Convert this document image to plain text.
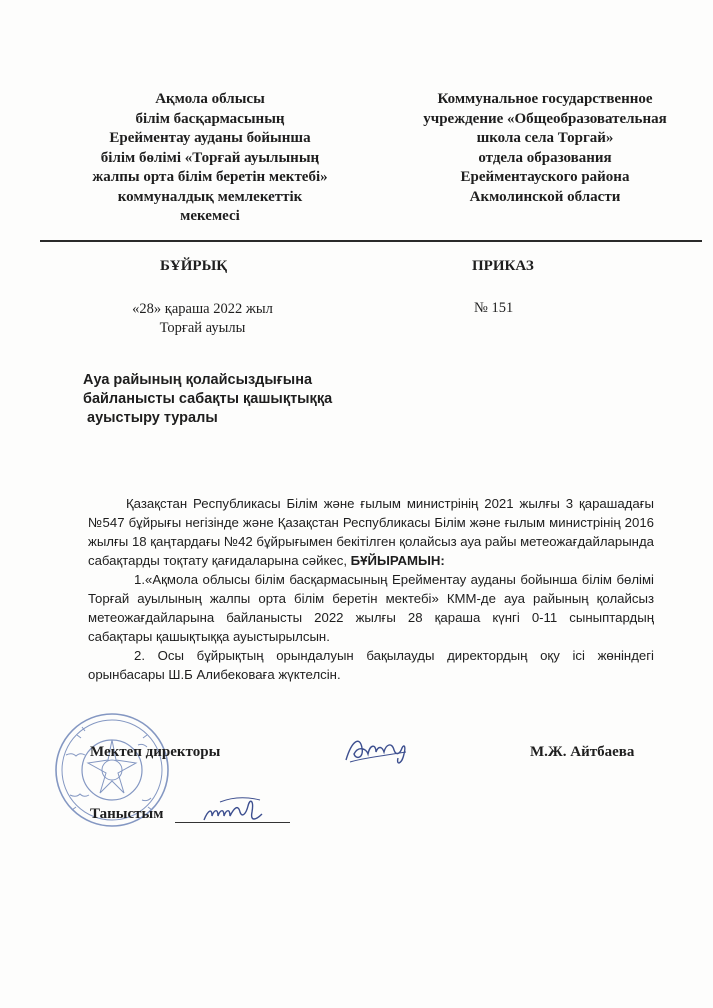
Ақмола облысы
білім басқармасының
Ерейментау ауданы бойынша
білім бөлімі «Торғай ауылының
жалпы орта білім беретін мектебі»
коммуналдық мемлекеттік
мекемесі
Коммунальное государственное
учреждение «Общеобразовательная
школа села Торгай»
отдела образования
Ерейментауского района
Акмолинской области
БҰЙРЫҚ	ПРИКАЗ
«28» қараша 2022 жыл
Торғай ауылы
№ 151
Ауа райының қолайсыздығына
байланысты сабақты қашықтыққа
ауыстыру туралы

Қазақстан Республикасы Білім және ғылым министрінің 2021 жылғы 3 қарашадағы №547 бұйрығы негізінде және Қазақстан Республикасы Білім және ғылым министрінің 2016 жылғы 18 қаңтардағы №42 бұйрығымен бекітілген қолайсыз ауа райы метеожағдайларында сабақтарды тоқтату қағидаларына сәйкес, БҰЙЫРАМЫН:

1.«Ақмола облысы білім басқармасының Ерейментау ауданы бойынша білім бөлімі Торғай ауылының жалпы орта білім беретін мектебі» КММ-де ауа райының қолайсыз метеожағдайларына байланысты 2022 жылғы 28 қараша күнгі 0-11 сыныптардың сабақтары қашықтыққа ауыстырылсын.

2. Осы бұйрықтың орындалуын бақылауды директордың оқу ісі жөніндегі орынбасары Ш.Б Алибековаға жүктелсін.

Мектеп директоры	М.Ж. Айтбаева
Таныстым
